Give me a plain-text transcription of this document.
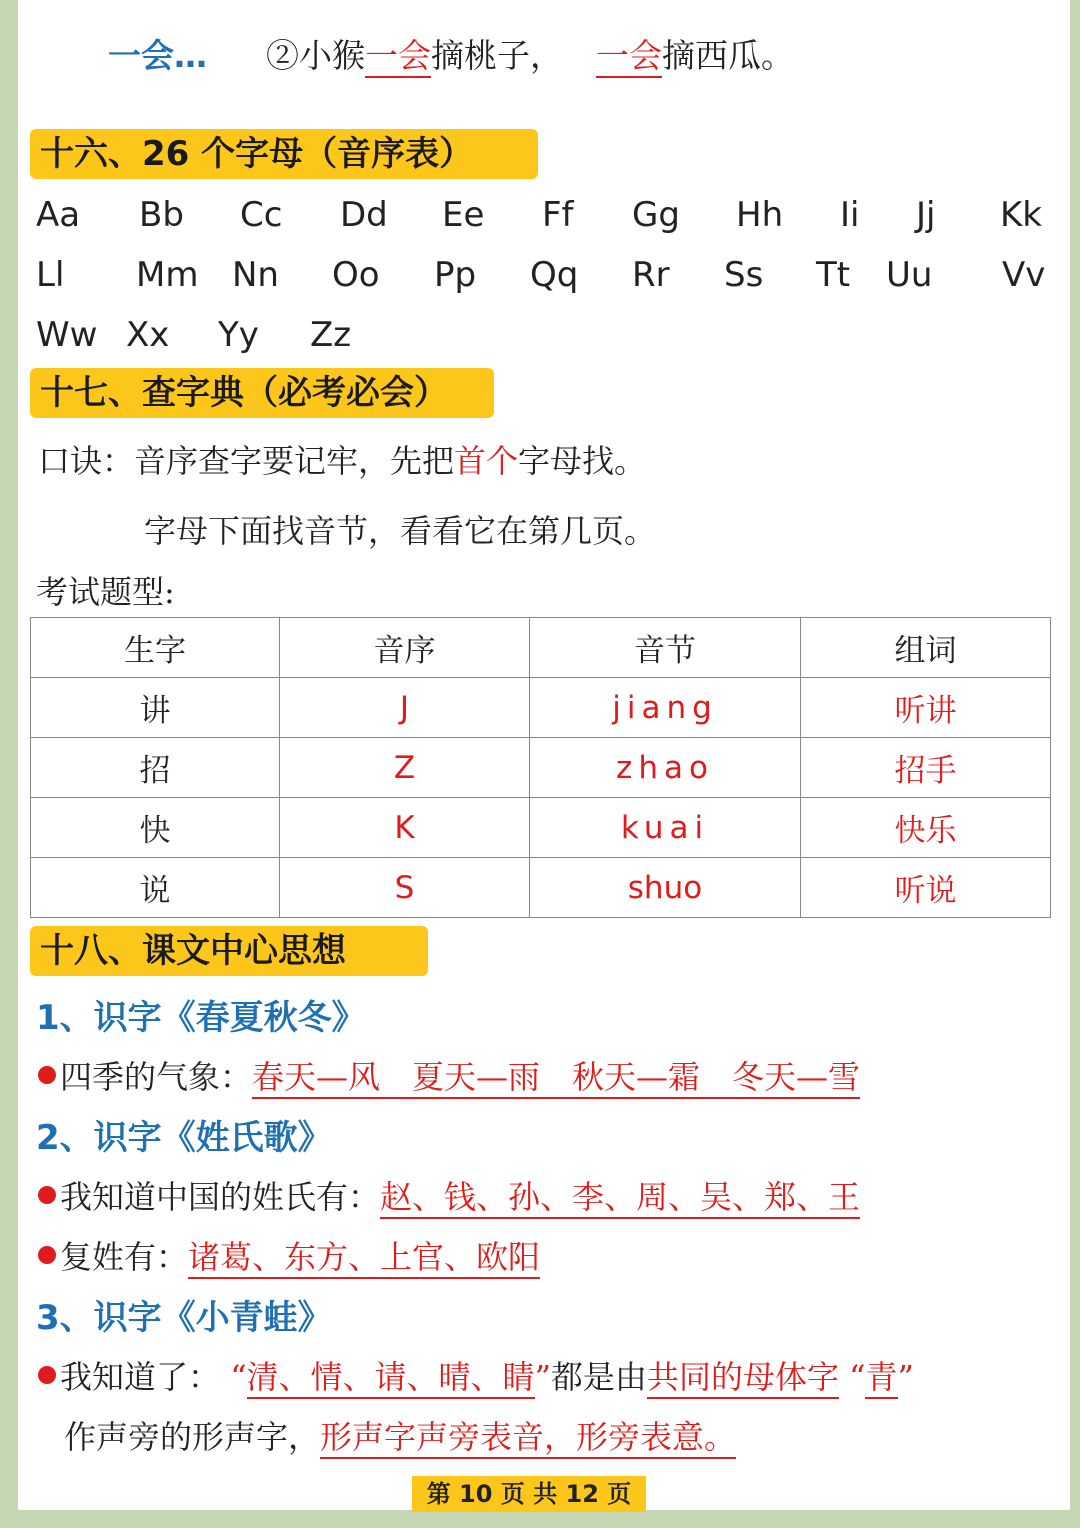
一会… ②小猴一会摘桃子， 一会摘西瓜。
十六、26 个字母（音序表）
Aa Bb Cc Dd Ee Ff Gg Hh Ii Jj Kk
Ll Mm Nn Oo Pp Qq Rr Ss Tt Uu Vv
Ww Xx Yy Zz
十七、查字典（必考必会）
口诀：音序查字要记牢，先把首个字母找。
字母下面找音节，看看它在第几页。
考试题型:
生字	音序	音节	组词
讲	J	jiang	听讲
招	Z	zhao	招手
快	K	kuai	快乐
说	S	shuo	听说
十八、课文中心思想
1、识字《春夏秋冬》
四季的气象：春天—风　夏天—雨　秋天—霜　冬天—雪
2、识字《姓氏歌》
我知道中国的姓氏有：赵、钱、孙、李、周、吴、郑、王
复姓有：诸葛、东方、上官、欧阳
3、识字《小青蛙》
我知道了： “清、情、请、晴、睛”都是由共同的母体字 “青”
作声旁的形声字，形声字声旁表音，形旁表意。
第 10 页 共 12 页
